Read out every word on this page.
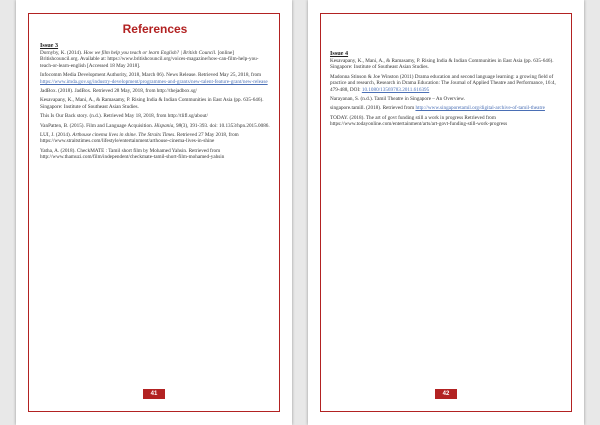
References
Issue 3
Dornyby, K. (2014). How we film help you teach or learn English? | British Council. [online] Britishcouncil.org. Available at: https://www.britishcouncil.org/voices-magazine/how-can-film-help-you-teach-or-learn-english [Accessed 18 May 2018].
Infocomm Media Development Authority, 2018, March 06). News Release. Retrieved May 25, 2018, from https://www.imda.gov.sg/industry-development/programmes-and-grants/new-talent-feature-grant/new-release
JadBox. (2018). JadBox. Retrieved 28 May, 2018, from http://thejadbox.sg/
Kesavapany, K., Mani, A., & Ramasamy, P. Rising India & Indian Communities in East Asia (pp. 635-646). Singapore: Institute of Southeast Asian Studies.
This Is Our Back story. (n.d.). Retrieved May 18, 2018, from http://tlifl.sg/about/
VanPatten, B. (2015). Film and Language Acquisition. Hispania, 98(3), 391-393. doi: 10.1353/hpn.2015.0086.
LUI, J. (2014). Arthouse cinema lives in shine. The Straits Times. Retrieved 27 May 2018, from https://www.straitstimes.com/lifestyle/entertainment/arthouse-cinema-lives-in-shine
Yatha, A. (2018). CheckMATE : Tamil short film by Mohamed Yahsin. Retrieved from http://www.thamuzi.com/film/independent/checkmate-tamil-short-film-mohamed-yahsin
41
Issue 4
Kesavapany, K., Mani, A., & Ramasamy, P. Rising India & Indian Communities in East Asia (pp. 635-646). Singapore: Institute of Southeast Asian Studies.
Madonna Stinson & Joe Winston (2011) Drama education and second language learning: a growing field of practice and research, Research in Drama Education: The Journal of Applied Theatre and Performance, 16:4, 479-488, DOI: 10.1080/13569783.2011.616395
Narayanan, S. (n.d.). Tamil Theatre in Singapore – An Overview.
singapore.tamill. (2018). Retrieved from http://www.singaporetamil.org/digital-archive-of-tamil-theatre
TODAY. (2018). The art of govt funding still a work in progress Retrieved from https://www.todayonline.com/entertainment/arts/art-govt-funding-still-work-progress
42
